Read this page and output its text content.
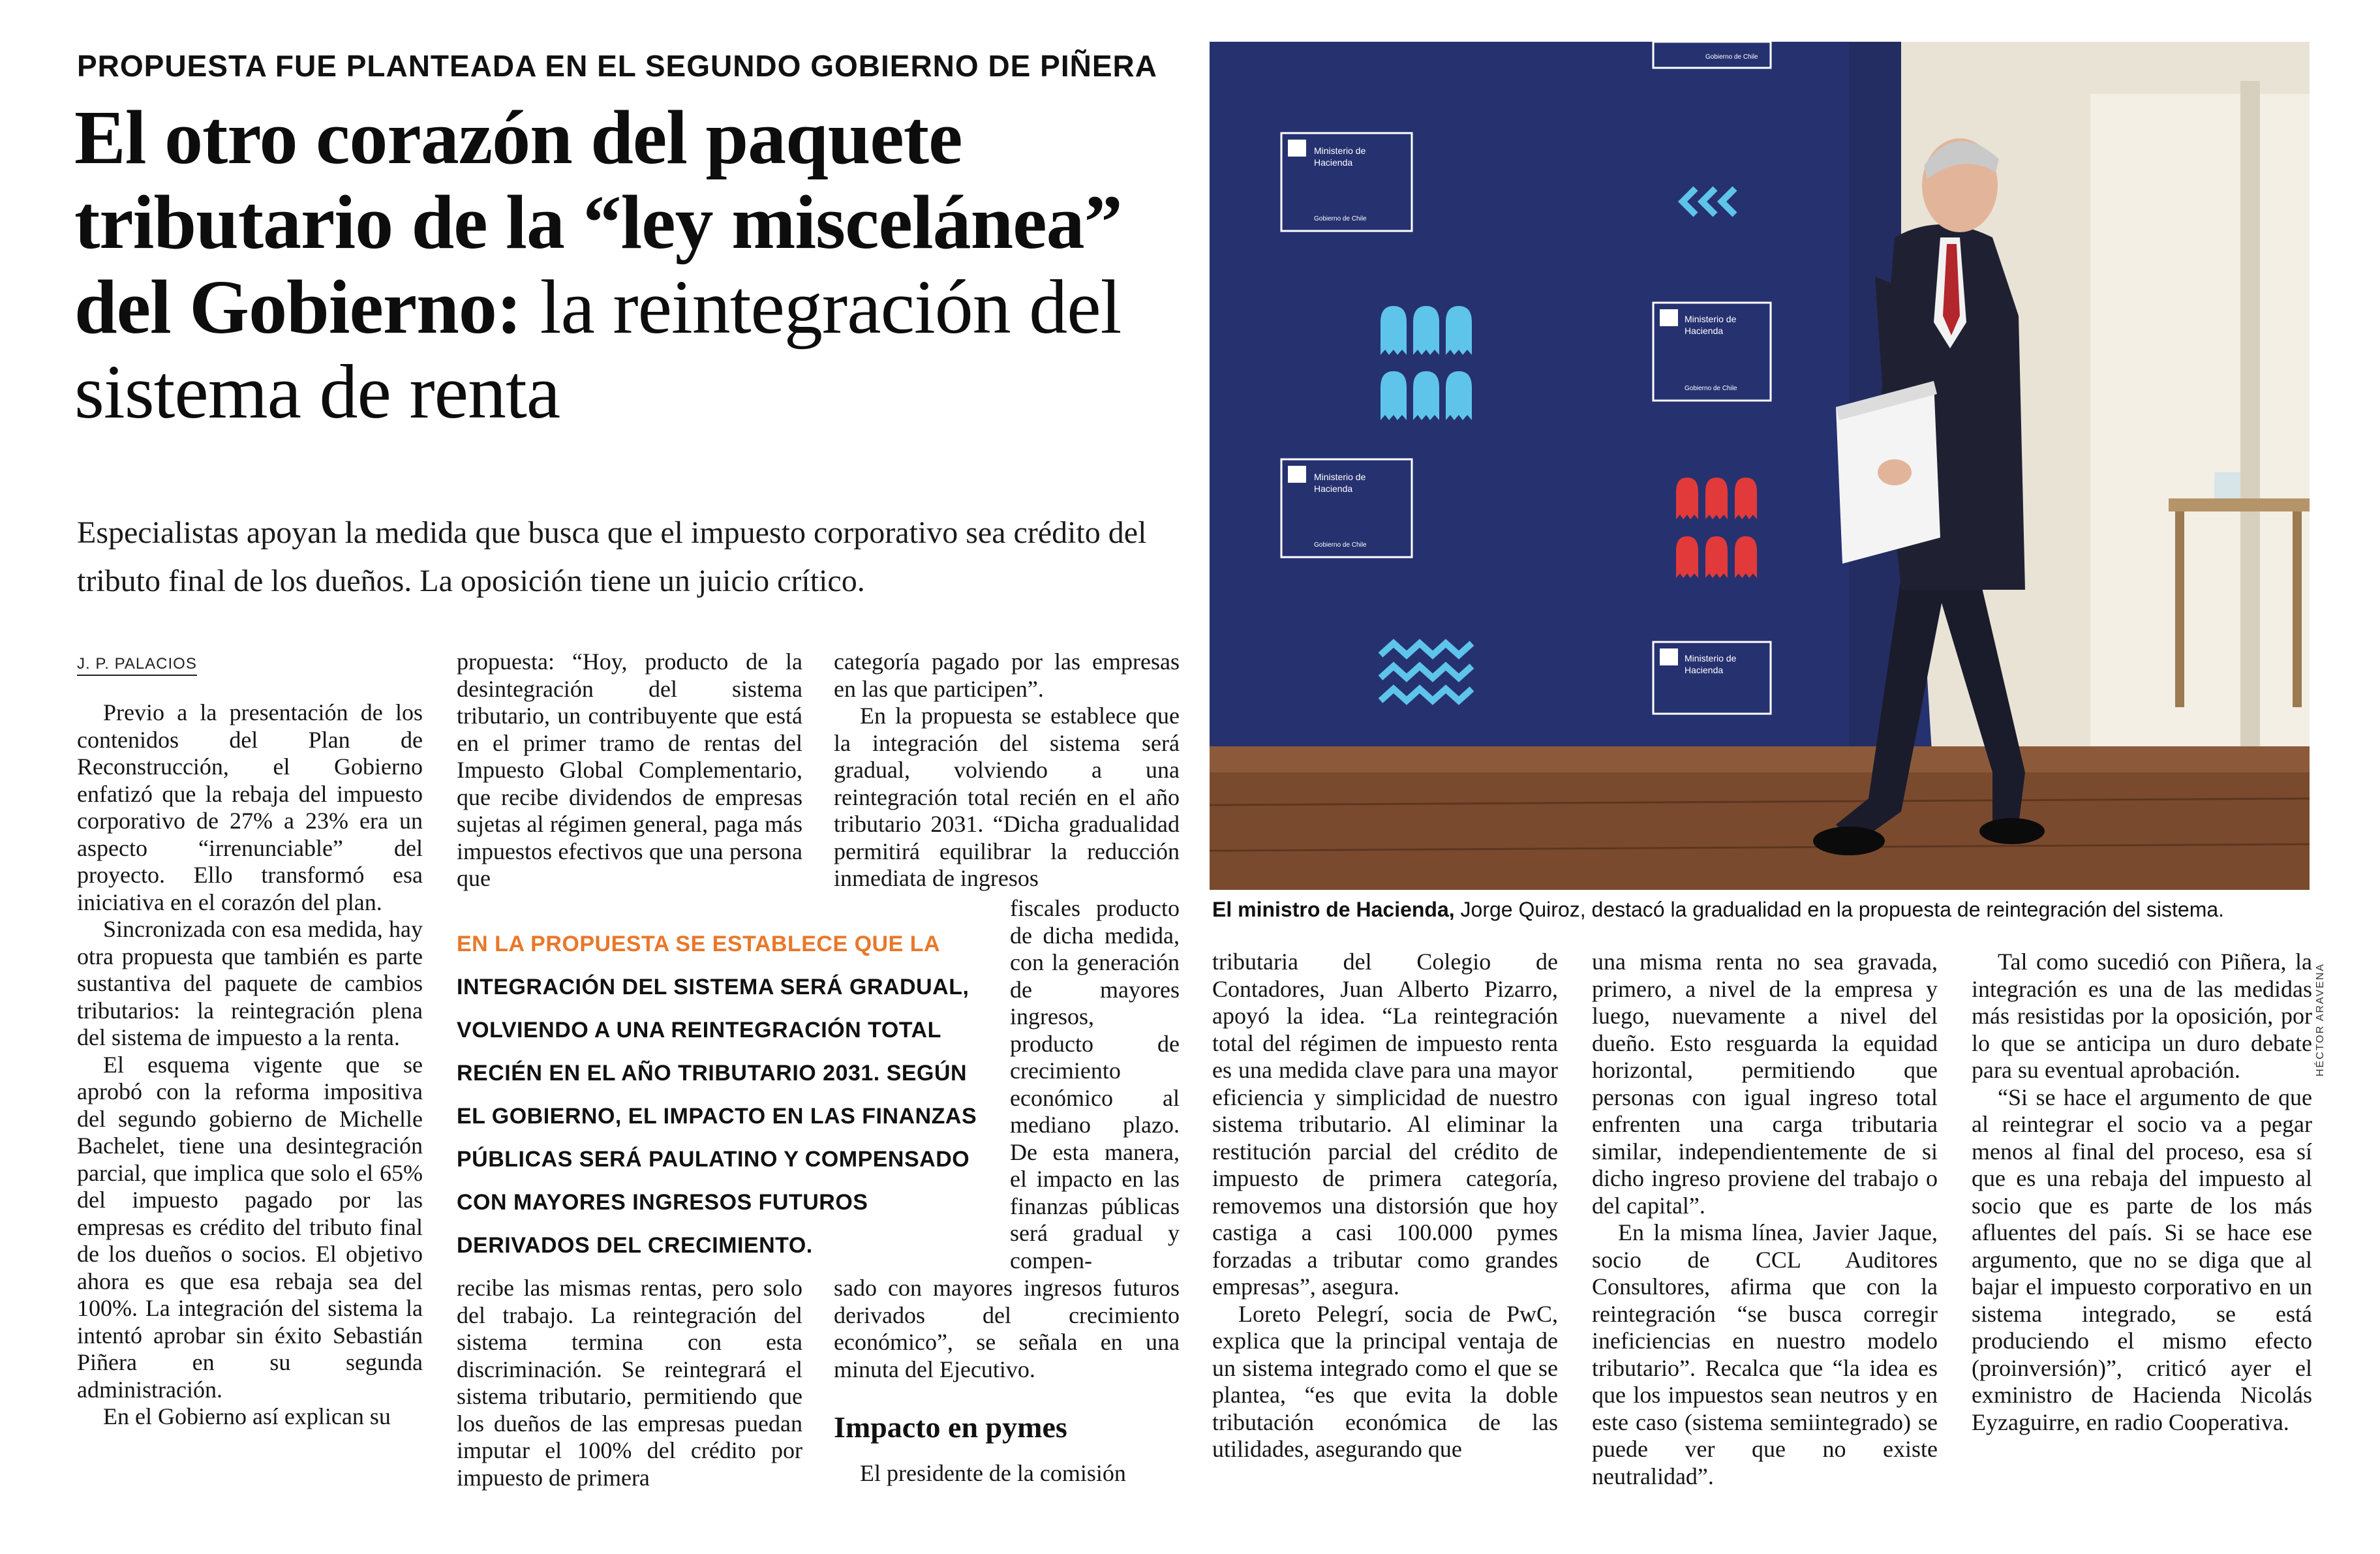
PROPUESTA FUE PLANTEADA EN EL SEGUNDO GOBIERNO DE PIÑERA
El otro corazón del paquete tributario de la “ley miscelánea” del Gobierno: la reintegración del sistema de renta
Especialistas apoyan la medida que busca que el impuesto corporativo sea crédito del tributo final de los dueños. La oposición tiene un juicio crítico.
J. P. PALACIOS
Ministerio de
Hacienda
Gobierno de Chile
Ministerio de
Hacienda
Gobierno de Chile
Gobierno de Chile
Ministerio de
Hacienda
Gobierno de Chile
Ministerio de
Hacienda
HÉCTOR ARAVENA
El ministro de Hacienda, Jorge Quiroz, destacó la gradualidad en la propuesta de reintegración del sistema.

Previo a la presentación de los contenidos del Plan de Reconstrucción, el Gobierno enfatizó que la rebaja del impuesto corporativo de 27% a 23% era un aspecto “irrenunciable” del proyecto. Ello transformó esa iniciativa en el corazón del plan.

Sincronizada con esa medida, hay otra propuesta que también es parte sustantiva del paquete de cambios tributarios: la reintegración plena del sistema de impuesto a la renta.

El esquema vigente que se aprobó con la reforma impositiva del segundo gobierno de Michelle Bachelet, tiene una desintegración parcial, que implica que solo el 65% del impuesto pagado por las empresas es crédito del tributo final de los dueños o socios. El objetivo ahora es que esa rebaja sea del 100%. La integración del sistema la intentó aprobar sin éxito Sebastián Piñera en su segunda administración.

En el Gobierno así explican su

propuesta: “Hoy, producto de la desintegración del sistema tributario, un contribuyente que está en el primer tramo de rentas del Impuesto Global Complementario, que recibe dividendos de empresas sujetas al régimen general, paga más impuestos efectivos que una persona que

EN LA PROPUESTA SE ESTABLECE QUE LA INTEGRACIÓN DEL SISTEMA SERÁ GRADUAL, VOLVIENDO A UNA REINTEGRACIÓN TOTAL RECIÉN EN EL AÑO TRIBUTARIO 2031. SEGÚN EL GOBIERNO, EL IMPACTO EN LAS FINANZAS PÚBLICAS SERÁ PAULATINO Y COMPENSADO CON MAYORES INGRESOS FUTUROS DERIVADOS DEL CRECIMIENTO.

recibe las mismas rentas, pero solo del trabajo. La reintegración del sistema termina con esta discriminación. Se reintegrará el sistema tributario, permitiendo que los dueños de las empresas puedan imputar el 100% del crédito por impuesto de primera

categoría pagado por las empresas en las que participen”.

En la propuesta se establece que la integración del sistema será gradual, volviendo a una reintegración total recién en el año tributario 2031. “Dicha gradualidad permitirá equilibrar la reducción inmediata de ingresos

fiscales producto de dicha medida, con la generación de mayores ingresos, producto de crecimiento económico al mediano plazo. De esta manera, el impacto en las finanzas públicas será gradual y compen-

sado con mayores ingresos futuros derivados del crecimiento económico”, se señala en una minuta del Ejecutivo.

Impacto en pymes

El presidente de la comisión

tributaria del Colegio de Contadores, Juan Alberto Pizarro, apoyó la idea. “La reintegración total del régimen de impuesto renta es una medida clave para una mayor eficiencia y simplicidad de nuestro sistema tributario. Al eliminar la restitución parcial del crédito de impuesto de primera categoría, removemos una distorsión que hoy castiga a casi 100.000 pymes forzadas a tributar como grandes empresas”, asegura.

Loreto Pelegrí, socia de PwC, explica que la principal ventaja de un sistema integrado como el que se plantea, “es que evita la doble tributación económica de las utilidades, asegurando que

una misma renta no sea gravada, primero, a nivel de la empresa y luego, nuevamente a nivel del dueño. Esto resguarda la equidad horizontal, permitiendo que personas con igual ingreso total enfrenten una carga tributaria similar, independientemente de si dicho ingreso proviene del trabajo o del capital”.

En la misma línea, Javier Jaque, socio de CCL Auditores Consultores, afirma que con la reintegración “se busca corregir ineficiencias en nuestro modelo tributario”. Recalca que “la idea es que los impuestos sean neutros y en este caso (sistema semiintegrado) se puede ver que no existe neutralidad”.

Tal como sucedió con Piñera, la integración es una de las medidas más resistidas por la oposición, por lo que se anticipa un duro debate para su eventual aprobación.

“Si se hace el argumento de que al reintegrar el socio va a pegar menos al final del proceso, esa sí que es una rebaja del impuesto al socio que es parte de los más afluentes del país. Si se hace ese argumento, que no se diga que al bajar el impuesto corporativo en un sistema integrado, se está produciendo el mismo efecto (proinversión)”, criticó ayer el exministro de Hacienda Nicolás Eyzaguirre, en radio Cooperativa.
